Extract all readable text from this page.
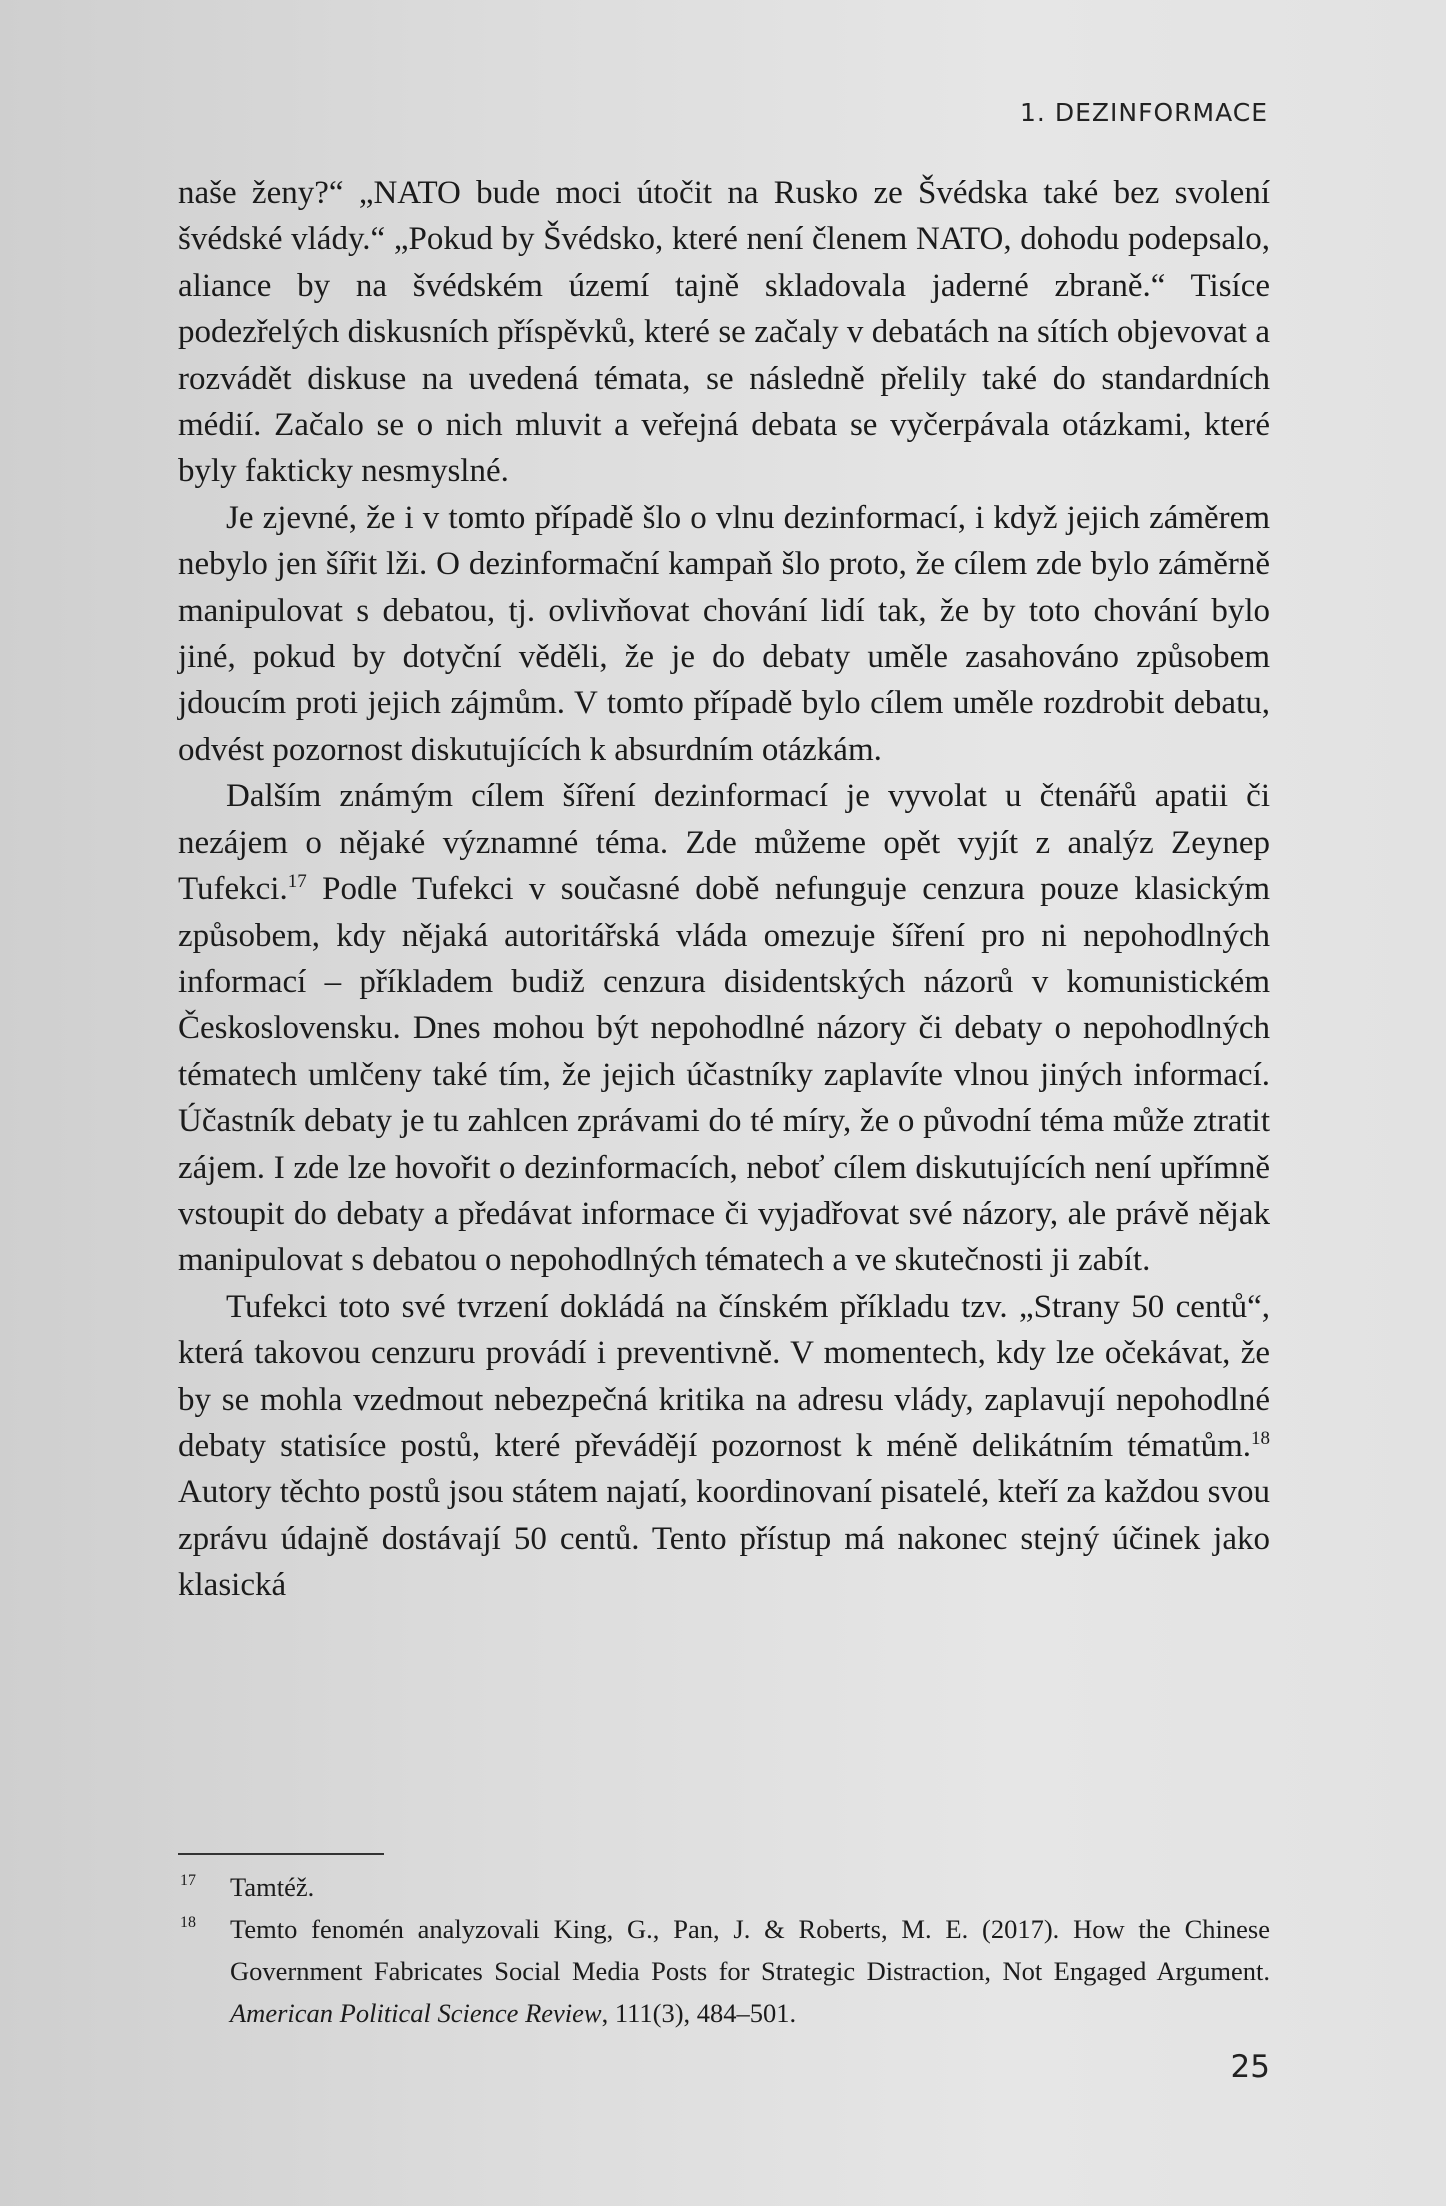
1. DEZINFORMACE

naše ženy?“ „NATO bude moci útočit na Rusko ze Švédska také bez svolení švédské vlády.“ „Pokud by Švédsko, které není členem NATO, dohodu podepsalo, aliance by na švédském území tajně skladovala jaderné zbraně.“ Tisíce podezřelých diskusních příspěvků, které se začaly v debatách na sítích objevovat a rozvádět diskuse na uvedená témata, se následně přelily také do standardních médií. Začalo se o nich mluvit a veřejná debata se vyčerpávala otázkami, které byly fakticky nesmyslné.

Je zjevné, že i v tomto případě šlo o vlnu dezinformací, i když jejich záměrem nebylo jen šířit lži. O dezinformační kampaň šlo proto, že cílem zde bylo záměrně manipulovat s debatou, tj. ovlivňovat chování lidí tak, že by toto chování bylo jiné, pokud by dotyční věděli, že je do debaty uměle zasahováno způsobem jdoucím proti jejich zájmům. V tomto případě bylo cílem uměle rozdrobit debatu, odvést pozornost diskutujících k absurdním otázkám.

Dalším známým cílem šíření dezinformací je vyvolat u čtenářů apatii či nezájem o nějaké významné téma. Zde můžeme opět vyjít z analýz Zeynep Tufekci.$^{17}$ Podle Tufekci v současné době nefunguje cenzura pouze klasickým způsobem, kdy nějaká autoritářská vláda omezuje šíření pro ni nepohodlných informací – příkladem budiž cenzura disidentských názorů v komunistickém Československu. Dnes mohou být nepohodlné názory či debaty o nepohodlných tématech umlčeny také tím, že jejich účastníky zaplavíte vlnou jiných informací. Účastník debaty je tu zahlcen zprávami do té míry, že o původní téma může ztratit zájem. I zde lze hovořit o dezinformacích, neboť cílem diskutujících není upřímně vstoupit do debaty a předávat informace či vyjadřovat své názory, ale právě nějak manipulovat s debatou o nepohodlných tématech a ve skutečnosti ji zabít.

Tufekci toto své tvrzení dokládá na čínském příkladu tzv. „Strany 50 centů“, která takovou cenzuru provádí i preventivně. V momentech, kdy lze očekávat, že by se mohla vzedmout nebezpečná kritika na adresu vlády, zaplavují nepohodlné debaty statisíce postů, které převádějí pozornost k méně delikátním tématům.$^{18}$ Autory těchto postů jsou státem najatí, koordinovaní pisatelé, kteří za každou svou zprávu údajně dostávají 50 centů. Tento přístup má nakonec stejný účinek jako klasická

17 Tamtéž.
18 Temto fenomén analyzovali King, G., Pan, J. & Roberts, M. E. (2017). How the Chinese Government Fabricates Social Media Posts for Strategic Distraction, Not Engaged Argument. American Political Science Review, 111(3), 484–501.
25
